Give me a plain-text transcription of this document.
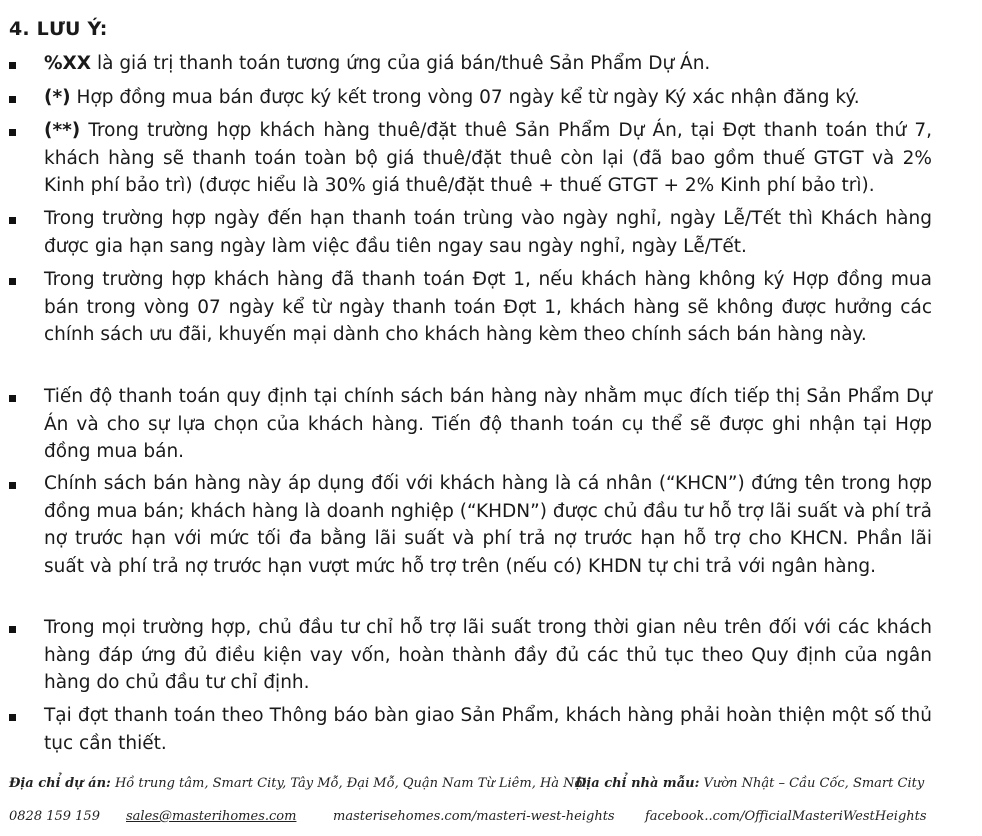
4. LƯU Ý:
%XX là giá trị thanh toán tương ứng của giá bán/thuê Sản Phẩm Dự Án.
(*) Hợp đồng mua bán được ký kết trong vòng 07 ngày kể từ ngày Ký xác nhận đăng ký.
(**) Trong trường hợp khách hàng thuê/đặt thuê Sản Phẩm Dự Án, tại Đợt thanh toán thứ 7, khách hàng sẽ thanh toán toàn bộ giá thuê/đặt thuê còn lại (đã bao gồm thuế GTGT và 2% Kinh phí bảo trì) (được hiểu là 30% giá thuê/đặt thuê + thuế GTGT + 2% Kinh phí bảo trì).
Trong trường hợp ngày đến hạn thanh toán trùng vào ngày nghỉ, ngày Lễ/Tết thì Khách hàng được gia hạn sang ngày làm việc đầu tiên ngay sau ngày nghỉ, ngày Lễ/Tết.
Trong trường hợp khách hàng đã thanh toán Đợt 1, nếu khách hàng không ký Hợp đồng mua bán trong vòng 07 ngày kể từ ngày thanh toán Đợt 1, khách hàng sẽ không được hưởng các chính sách ưu đãi, khuyến mại dành cho khách hàng kèm theo chính sách bán hàng này.
Tiến độ thanh toán quy định tại chính sách bán hàng này nhằm mục đích tiếp thị Sản Phẩm Dự Án và cho sự lựa chọn của khách hàng. Tiến độ thanh toán cụ thể sẽ được ghi nhận tại Hợp đồng mua bán.
Chính sách bán hàng này áp dụng đối với khách hàng là cá nhân (“KHCN”) đứng tên trong hợp đồng mua bán; khách hàng là doanh nghiệp (“KHDN”) được chủ đầu tư hỗ trợ lãi suất và phí trả nợ trước hạn với mức tối đa bằng lãi suất và phí trả nợ trước hạn hỗ trợ cho KHCN. Phần lãi suất và phí trả nợ trước hạn vượt mức hỗ trợ trên (nếu có) KHDN tự chi trả với ngân hàng.
Trong mọi trường hợp, chủ đầu tư chỉ hỗ trợ lãi suất trong thời gian nêu trên đối với các khách hàng đáp ứng đủ điều kiện vay vốn, hoàn thành đầy đủ các thủ tục theo Quy định của ngân hàng do chủ đầu tư chỉ định.
Tại đợt thanh toán theo Thông báo bàn giao Sản Phẩm, khách hàng phải hoàn thiện một số thủ tục cần thiết.
Địa chỉ dự án: Hồ trung tâm, Smart City, Tây Mỗ, Đại Mỗ, Quận Nam Từ Liêm, Hà Nội
Địa chỉ nhà mẫu: Vườn Nhật – Cầu Cốc, Smart City
0828 159 159 sales@masterihomes.com	masterisehomes.com/masteri-west-heights facebook..com/OfficialMasteriWestHeights
